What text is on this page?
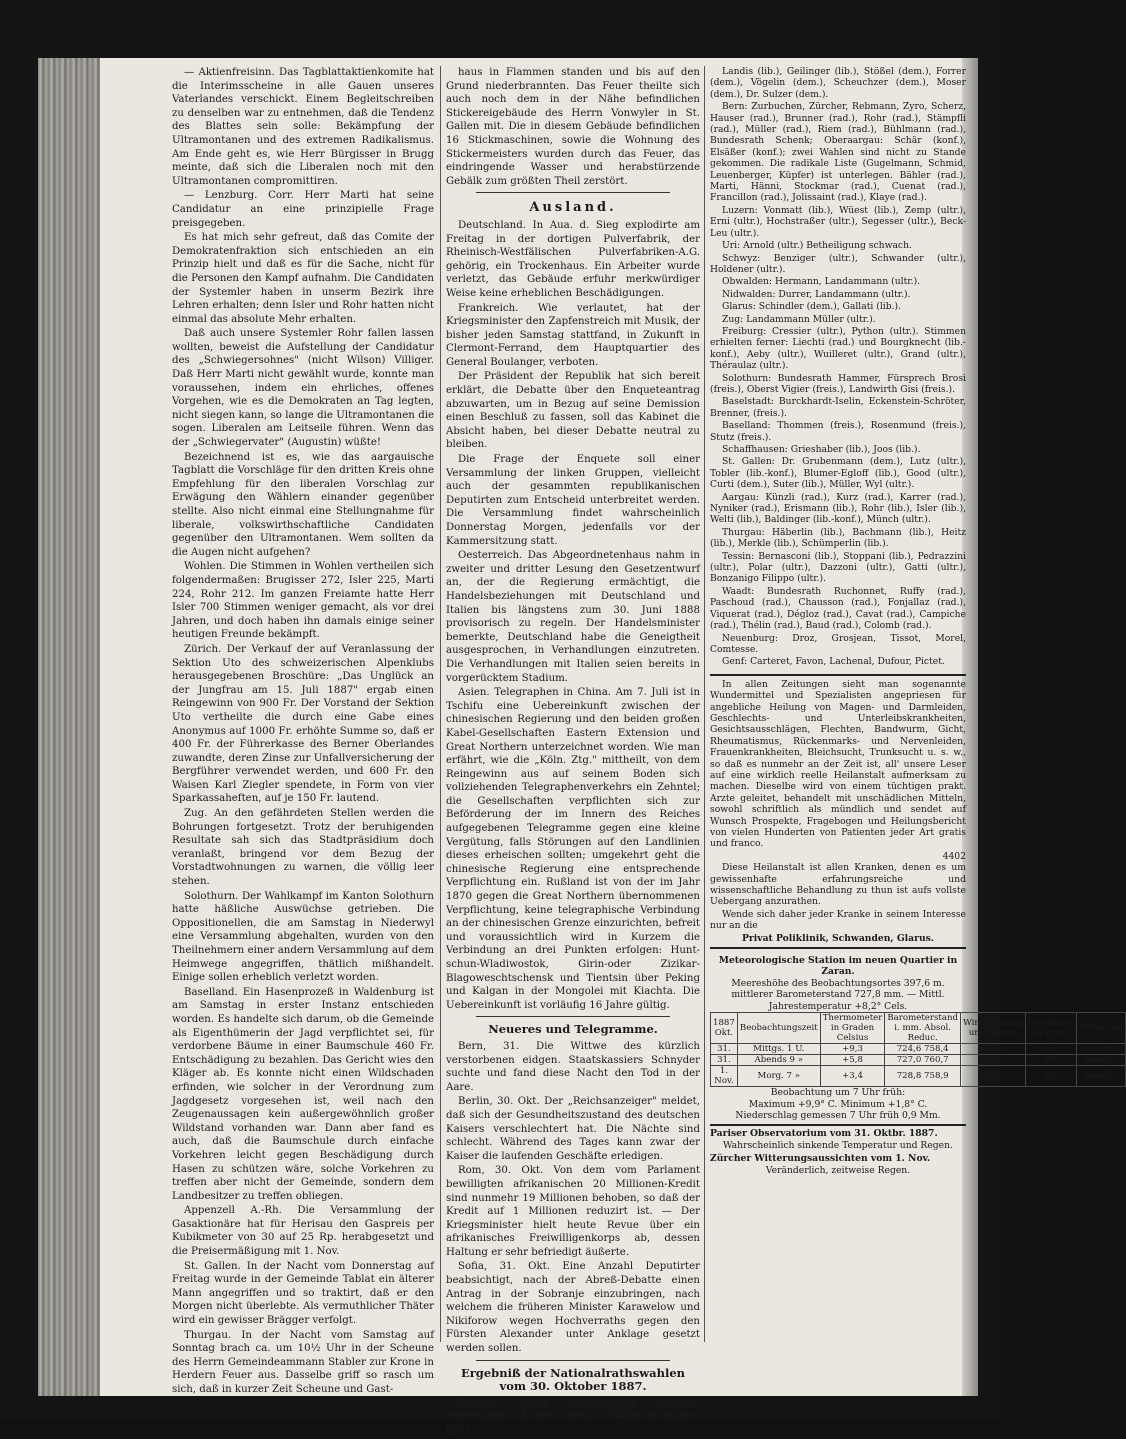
— Aktienfreisinn. Das Tagblattaktienkomite hat die Interimsscheine in alle Gauen unseres Vaterlandes verschickt. Einem Begleitschreiben zu denselben war zu entnehmen, daß die Tendenz des Blattes sein solle: Bekämpfung der Ultramontanen und des extremen Radikalismus. Am Ende geht es, wie Herr Bürgisser in Brugg meinte, daß sich die Liberalen noch mit den Ultramontanen compromittiren.

— Lenzburg. Corr. Herr Marti hat seine Candidatur an eine prinzipielle Frage preisgegeben.

Es hat mich sehr gefreut, daß das Comite der Demokratenfraktion sich entschieden an ein Prinzip hielt und daß es für die Sache, nicht für die Personen den Kampf aufnahm. Die Candidaten der Systemler haben in unserm Bezirk ihre Lehren erhalten; denn Isler und Rohr hatten nicht einmal das absolute Mehr erhalten.

Daß auch unsere Systemler Rohr fallen lassen wollten, beweist die Aufstellung der Candidatur des „Schwiegersohnes" (nicht Wilson) Villiger. Daß Herr Marti nicht gewählt wurde, konnte man voraussehen, indem ein ehrliches, offenes Vorgehen, wie es die Demokraten an Tag legten, nicht siegen kann, so lange die Ultramontanen die sogen. Liberalen am Leitseile führen. Wenn das der „Schwiegervater" (Augustin) wüßte!

Bezeichnend ist es, wie das aargauische Tagblatt die Vorschläge für den dritten Kreis ohne Empfehlung für den liberalen Vorschlag zur Erwägung den Wählern einander gegenüber stellte. Also nicht einmal eine Stellungnahme für liberale, volkswirthschaftliche Candidaten gegenüber den Ultramontanen. Wem sollten da die Augen nicht aufgehen?

Wohlen. Die Stimmen in Wohlen vertheilen sich folgendermaßen: Brugisser 272, Isler 225, Marti 224, Rohr 212. Im ganzen Freiamte hatte Herr Isler 700 Stimmen weniger gemacht, als vor drei Jahren, und doch haben ihn damals einige seiner heutigen Freunde bekämpft.

Zürich. Der Verkauf der auf Veranlassung der Sektion Uto des schweizerischen Alpenklubs herausgegebenen Broschüre: „Das Unglück an der Jungfrau am 15. Juli 1887" ergab einen Reingewinn von 900 Fr. Der Vorstand der Sektion Uto vertheilte die durch eine Gabe eines Anonymus auf 1000 Fr. erhöhte Summe so, daß er 400 Fr. der Führerkasse des Berner Oberlandes zuwandte, deren Zinse zur Unfallversicherung der Bergführer verwendet werden, und 600 Fr. den Waisen Karl Ziegler spendete, in Form von vier Sparkassaheften, auf je 150 Fr. lautend.

Zug. An den gefährdeten Stellen werden die Bohrungen fortgesetzt. Trotz der beruhigenden Resultate sah sich das Stadtpräsidium doch veranlaßt, bringend vor dem Bezug der Vorstadtwohnungen zu warnen, die völlig leer stehen.

Solothurn. Der Wahlkampf im Kanton Solothurn hatte häßliche Auswüchse getrieben. Die Oppositionellen, die am Samstag in Niederwyl eine Versammlung abgehalten, wurden von den Theilnehmern einer andern Versammlung auf dem Heimwege angegriffen, thätlich mißhandelt. Einige sollen erheblich verletzt worden.

Baselland. Ein Hasenprozeß in Waldenburg ist am Samstag in erster Instanz entschieden worden. Es handelte sich darum, ob die Gemeinde als Eigenthümerin der Jagd verpflichtet sei, für verdorbene Bäume in einer Baumschule 460 Fr. Entschädigung zu bezahlen. Das Gericht wies den Kläger ab. Es konnte nicht einen Wildschaden erfinden, wie solcher in der Verordnung zum Jagdgesetz vorgesehen ist, weil nach den Zeugenaussagen kein außergewöhnlich großer Wildstand vorhanden war. Dann aber fand es auch, daß die Baumschule durch einfache Vorkehren leicht gegen Beschädigung durch Hasen zu schützen wäre, solche Vorkehren zu treffen aber nicht der Gemeinde, sondern dem Landbesitzer zu treffen obliegen.

Appenzell A.-Rh. Die Versammlung der Gasaktionäre hat für Herisau den Gaspreis per Kubikmeter von 30 auf 25 Rp. herabgesetzt und die Preisermäßigung mit 1. Nov.

St. Gallen. In der Nacht vom Donnerstag auf Freitag wurde in der Gemeinde Tablat ein älterer Mann angegriffen und so traktirt, daß er den Morgen nicht überlebte. Als vermuthlicher Thäter wird ein gewisser Brägger verfolgt.

Thurgau. In der Nacht vom Samstag auf Sonntag brach ca. um 10½ Uhr in der Scheune des Herrn Gemeindeammann Stabler zur Krone in Herdern Feuer aus. Dasselbe griff so rasch um sich, daß in kurzer Zeit Scheune und Gast-

haus in Flammen standen und bis auf den Grund niederbrannten. Das Feuer theilte sich auch noch dem in der Nähe befindlichen Stickereigebäude des Herrn Vonwyler in St. Gallen mit. Die in diesem Gebäude befindlichen 16 Stickmaschinen, sowie die Wohnung des Stickermeisters wurden durch das Feuer, das eindringende Wasser und herabstürzende Gebälk zum größten Theil zerstört.

Ausland.

Deutschland. In Aua. d. Sieg explodirte am Freitag in der dortigen Pulverfabrik, der Rheinisch-Westfälischen Pulverfabriken-A.G. gehörig, ein Trockenhaus. Ein Arbeiter wurde verletzt, das Gebäude erfuhr merkwürdiger Weise keine erheblichen Beschädigungen.

Frankreich. Wie verlautet, hat der Kriegsminister den Zapfenstreich mit Musik, der bisher jeden Samstag stattfand, in Zukunft in Clermont-Ferrand, dem Hauptquartier des General Boulanger, verboten.

Der Präsident der Republik hat sich bereit erklärt, die Debatte über den Enqueteantrag abzuwarten, um in Bezug auf seine Demission einen Beschluß zu fassen, soll das Kabinet die Absicht haben, bei dieser Debatte neutral zu bleiben.

Die Frage der Enquete soll einer Versammlung der linken Gruppen, vielleicht auch der gesammten republikanischen Deputirten zum Entscheid unterbreitet werden. Die Versammlung findet wahrscheinlich Donnerstag Morgen, jedenfalls vor der Kammersitzung statt.

Oesterreich. Das Abgeordnetenhaus nahm in zweiter und dritter Lesung den Gesetzentwurf an, der die Regierung ermächtigt, die Handelsbeziehungen mit Deutschland und Italien bis längstens zum 30. Juni 1888 provisorisch zu regeln. Der Handelsminister bemerkte, Deutschland habe die Geneigtheit ausgesprochen, in Verhandlungen einzutreten. Die Verhandlungen mit Italien seien bereits in vorgerücktem Stadium.

Asien. Telegraphen in China. Am 7. Juli ist in Tschifu eine Uebereinkunft zwischen der chinesischen Regierung und den beiden großen Kabel-Gesellschaften Eastern Extension und Great Northern unterzeichnet worden. Wie man erfährt, wie die „Köln. Ztg." mittheilt, von dem Reingewinn aus auf seinem Boden sich vollziehenden Telegraphenverkehrs ein Zehntel; die Gesellschaften verpflichten sich zur Beförderung der im Innern des Reiches aufgegebenen Telegramme gegen eine kleine Vergütung, falls Störungen auf den Landlinien dieses erheischen sollten; umgekehrt geht die chinesische Regierung eine entsprechende Verpflichtung ein. Rußland ist von der im Jahr 1870 gegen die Great Northern übernommenen Verpflichtung, keine telegraphische Verbindung an der chinesischen Grenze einzurichten, befreit und voraussichtlich wird in Kurzem die Verbindung an drei Punkten erfolgen: Hunt-schun-Wladiwostok, Girin-oder Zizikar-Blagoweschtschensk und Tientsin über Peking und Kalgan in der Mongolei mit Kiachta. Die Uebereinkunft ist vorläufig 16 Jahre gültig.

Neueres und Telegramme.

Bern, 31. Die Wittwe des kürzlich verstorbenen eidgen. Staatskassiers Schnyder suchte und fand diese Nacht den Tod in der Aare.

Berlin, 30. Okt. Der „Reichsanzeiger" meldet, daß sich der Gesundheitszustand des deutschen Kaisers verschlechtert hat. Die Nächte sind schlecht. Während des Tages kann zwar der Kaiser die laufenden Geschäfte erledigen.

Rom, 30. Okt. Von dem vom Parlament bewilligten afrikanischen 20 Millionen-Kredit sind nunmehr 19 Millionen behoben, so daß der Kredit auf 1 Millionen reduzirt ist. — Der Kriegsminister hielt heute Revue über ein afrikanisches Freiwilligenkorps ab, dessen Haltung er sehr befriedigt äußerte.

Sofia, 31. Okt. Eine Anzahl Deputirter beabsichtigt, nach der Abreß-Debatte einen Antrag in der Sobranje einzubringen, nach welchem die früheren Minister Karawelow und Nikiforow wegen Hochverraths gegen den Fürsten Alexander unter Anklage gesetzt werden sollen.

Ergebniß der Nationalrathswahlen vom 30. Oktober 1887.

Zürich: Syfrig, Cramer-Frey, Meister, Hertenstein, Keller (dem.), Bühler-Honegger (lib.),

Landis (lib.), Geilinger (lib.), Stößel (dem.), Forrer (dem.), Vögelin (dem.), Scheuchzer (dem.), Moser (dem.), Dr. Sulzer (dem.).

Bern: Zurbuchen, Zürcher, Rebmann, Zyro, Scherz, Hauser (rad.), Brunner (rad.), Rohr (rad.), Stämpfli (rad.), Müller (rad.), Riem (rad.), Bühlmann (rad.), Bundesrath Schenk; Oberaargau: Schär (konf.), Elsäßer (konf.); zwei Wahlen sind nicht zu Stande gekommen. Die radikale Liste (Gugelmann, Schmid, Leuenberger, Küpfer) ist unterlegen. Bähler (rad.), Marti, Hänni, Stockmar (rad.), Cuenat (rad.), Francillon (rad.), Jolissaint (rad.), Klaye (rad.).

Luzern: Vonmatt (lib.), Wüest (lib.), Zemp (ultr.), Erni (ultr.), Hochstraßer (ultr.), Segesser (ultr.), Beck-Leu (ultr.).

Uri: Arnold (ultr.) Betheiligung schwach.

Schwyz: Benziger (ultr.), Schwander (ultr.), Holdener (ultr.).

Obwalden: Hermann, Landammann (ultr.).

Nidwalden: Durrer, Landammann (ultr.).

Glarus: Schindler (dem.), Gallati (lib.).

Zug: Landammann Müller (ultr.).

Freiburg: Cressier (ultr.), Python (ultr.). Stimmen erhielten ferner: Liechti (rad.) und Bourgknecht (lib.-konf.), Aeby (ultr.), Wuilleret (ultr.), Grand (ultr.), Théraulaz (ultr.).

Solothurn: Bundesrath Hammer, Fürsprech Brosi (freis.), Oberst Vigier (freis.), Landwirth Gisi (freis.).

Baselstadt: Burckhardt-Iselin, Eckenstein-Schröter, Brenner, (freis.).

Baselland: Thommen (freis.), Rosenmund (freis.), Stutz (freis.).

Schaffhausen: Grieshaber (lib.), Joos (lib.).

St. Gallen: Dr. Grubenmann (dem.), Lutz (ultr.), Tobler (lib.-konf.), Blumer-Egloff (lib.), Good (ultr.), Curti (dem.), Suter (lib.), Müller, Wyl (ultr.).

Aargau: Künzli (rad.), Kurz (rad.), Karrer (rad.), Nyniker (rad.), Erismann (lib.), Rohr (lib.), Isler (lib.), Welti (lib.), Baldinger (lib.-konf.), Münch (ultr.).

Thurgau: Häberlin (lib.), Bachmann (lib.), Heitz (lib.), Merkle (lib.), Schümperlin (lib.).

Tessin: Bernasconi (lib.), Stoppani (lib.), Pedrazzini (ultr.), Polar (ultr.), Dazzoni (ultr.), Gatti (ultr.), Bonzanigo Filippo (ultr.).

Waadt: Bundesrath Ruchonnet, Ruffy (rad.), Paschoud (rad.), Chausson (rad.), Fonjallaz (rad.), Viquerat (rad.), Dégloz (rad.), Cavat (rad.), Campiche (rad.), Thélin (rad.), Baud (rad.), Colomb (rad.).

Neuenburg: Droz, Grosjean, Tissot, Morel, Comtesse.

Genf: Carteret, Favon, Lachenal, Dufour, Pictet.

In allen Zeitungen sieht man sogenannte Wundermittel und Spezialisten angepriesen für angebliche Heilung von Magen- und Darmleiden, Geschlechts- und Unterleibskrankheiten, Gesichtsausschlägen, Flechten, Bandwurm, Gicht, Rheumatismus, Rückenmarks- und Nervenleiden, Frauenkrankheiten, Bleichsucht, Trunksucht u. s. w., so daß es nunmehr an der Zeit ist, all' unsere Leser auf eine wirklich reelle Heilanstalt aufmerksam zu machen. Dieselbe wird von einem tüchtigen prakt. Arzte geleitet, behandelt mit unschädlichen Mitteln, sowohl schriftlich als mündlich und sendet auf Wunsch Prospekte, Fragebogen und Heilungsbericht von vielen Hunderten von Patienten jeder Art gratis und franco.

4402

Diese Heilanstalt ist allen Kranken, denen es um gewissenhafte erfahrungsreiche und wissenschaftliche Behandlung zu thun ist aufs vollste Uebergang anzurathen.

Wende sich daher jeder Kranke in seinem Interesse nur an die

Privat Poliklinik, Schwanden, Glarus.
Meteorologische Station im neuen Quartier in Zaran.
Meereshöhe des Beobachtungsortes 397,6 m.
mittlerer Barometerstand 727,8 mm. — Mittl. Jahrestemperatur +8,2° Cels.
1887 Okt.	Beobachtungszeit	Thermometer in Graden Celsius	Barometerstand i. mm. Absol. Reduc.	Windrichtung und Stärke	Feuchtigk. in Proz.	Witterung
31.	Mittgs. 1 U.	+9,3	724,6 758,4	SW¹/₂	64	bewölkt
31.	Abends 9 »	+5,8	727,0 760,7	SW⁰	90	bedeckt
1. Nov.	Morg. 7 »	+3,4	728,8 758,9	SW⁰	93	bewölkt
Beobachtung um 7 Uhr früh:
Maximum +9,9° C. Minimum +1,8° C.
Niederschlag gemessen 7 Uhr früh 0,9 Mm.
Pariser Observatorium vom 31. Oktbr. 1887.
Wahrscheinlich sinkende Temperatur und Regen.
Zürcher Witterungsaussichten vom 1. Nov.
Veränderlich, zeitweise Regen.
